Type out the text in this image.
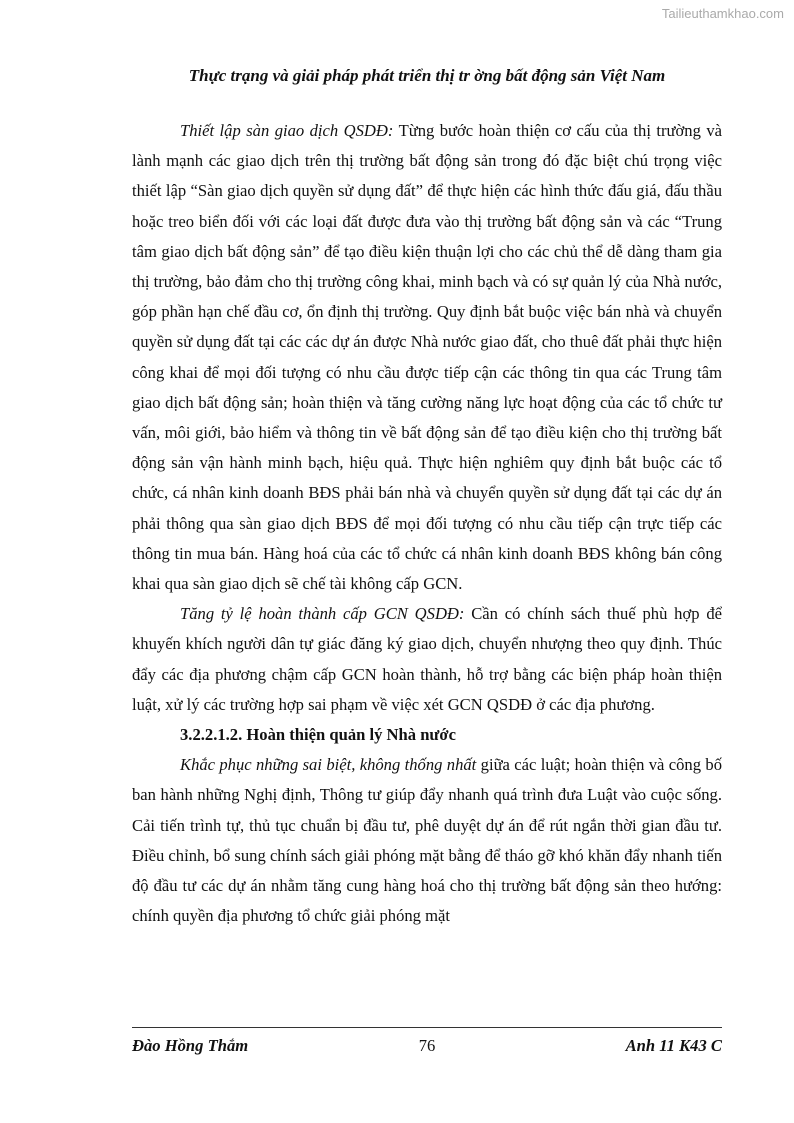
Tailieuthamkhao.com
Thực trạng và giải pháp phát triển thị tr ờng bất động sản Việt Nam

Thiết lập sàn giao dịch QSDĐ: Từng bước hoàn thiện cơ cấu của thị trường và lành mạnh các giao dịch trên thị trường bất động sản trong đó đặc biệt chú trọng việc thiết lập “Sàn giao dịch quyền sử dụng đất” để thực hiện các hình thức đấu giá, đấu thầu hoặc treo biển đối với các loại đất được đưa vào thị trường bất động sản và các “Trung tâm giao dịch bất động sản” để tạo điều kiện thuận lợi cho các chủ thể dễ dàng tham gia thị trường, bảo đảm cho thị trường công khai, minh bạch và có sự quản lý của Nhà nước, góp phần hạn chế đầu cơ, ổn định thị trường. Quy định bắt buộc việc bán nhà và chuyển quyền sử dụng đất tại các các dự án được Nhà nước giao đất, cho thuê đất phải thực hiện công khai để mọi đối tượng có nhu cầu được tiếp cận các thông tin qua các Trung tâm giao dịch bất động sản; hoàn thiện và tăng cường năng lực hoạt động của các tổ chức tư vấn, môi giới, bảo hiểm và thông tin về bất động sản để tạo điều kiện cho thị trường bất động sản vận hành minh bạch, hiệu quả. Thực hiện nghiêm quy định bắt buộc các tổ chức, cá nhân kinh doanh BĐS phải bán nhà và chuyển quyền sử dụng đất tại các dự án phải thông qua sàn giao dịch BĐS để mọi đối tượng có nhu cầu tiếp cận trực tiếp các thông tin mua bán. Hàng hoá của các tổ chức cá nhân kinh doanh BĐS không bán công khai qua sàn giao dịch sẽ chế tài không cấp GCN.

Tăng tỷ lệ hoàn thành cấp GCN QSDĐ: Cần có chính sách thuế phù hợp để khuyến khích người dân tự giác đăng ký giao dịch, chuyển nhượng theo quy định. Thúc đẩy các địa phương chậm cấp GCN hoàn thành, hỗ trợ bằng các biện pháp hoàn thiện luật, xử lý các trường hợp sai phạm về việc xét GCN QSDĐ ở các địa phương.

3.2.2.1.2. Hoàn thiện quản lý Nhà nước

Khắc phục những sai biệt, không thống nhất giữa các luật; hoàn thiện và công bố ban hành những Nghị định, Thông tư giúp đẩy nhanh quá trình đưa Luật vào cuộc sống. Cải tiến trình tự, thủ tục chuẩn bị đầu tư, phê duyệt dự án để rút ngắn thời gian đầu tư. Điều chỉnh, bổ sung chính sách giải phóng mặt bằng để tháo gỡ khó khăn đẩy nhanh tiến độ đầu tư các dự án nhằm tăng cung hàng hoá cho thị trường bất động sản theo hướng: chính quyền địa phương tổ chức giải phóng mặt

Đào Hồng Thắm	76	Anh 11 K43 C
